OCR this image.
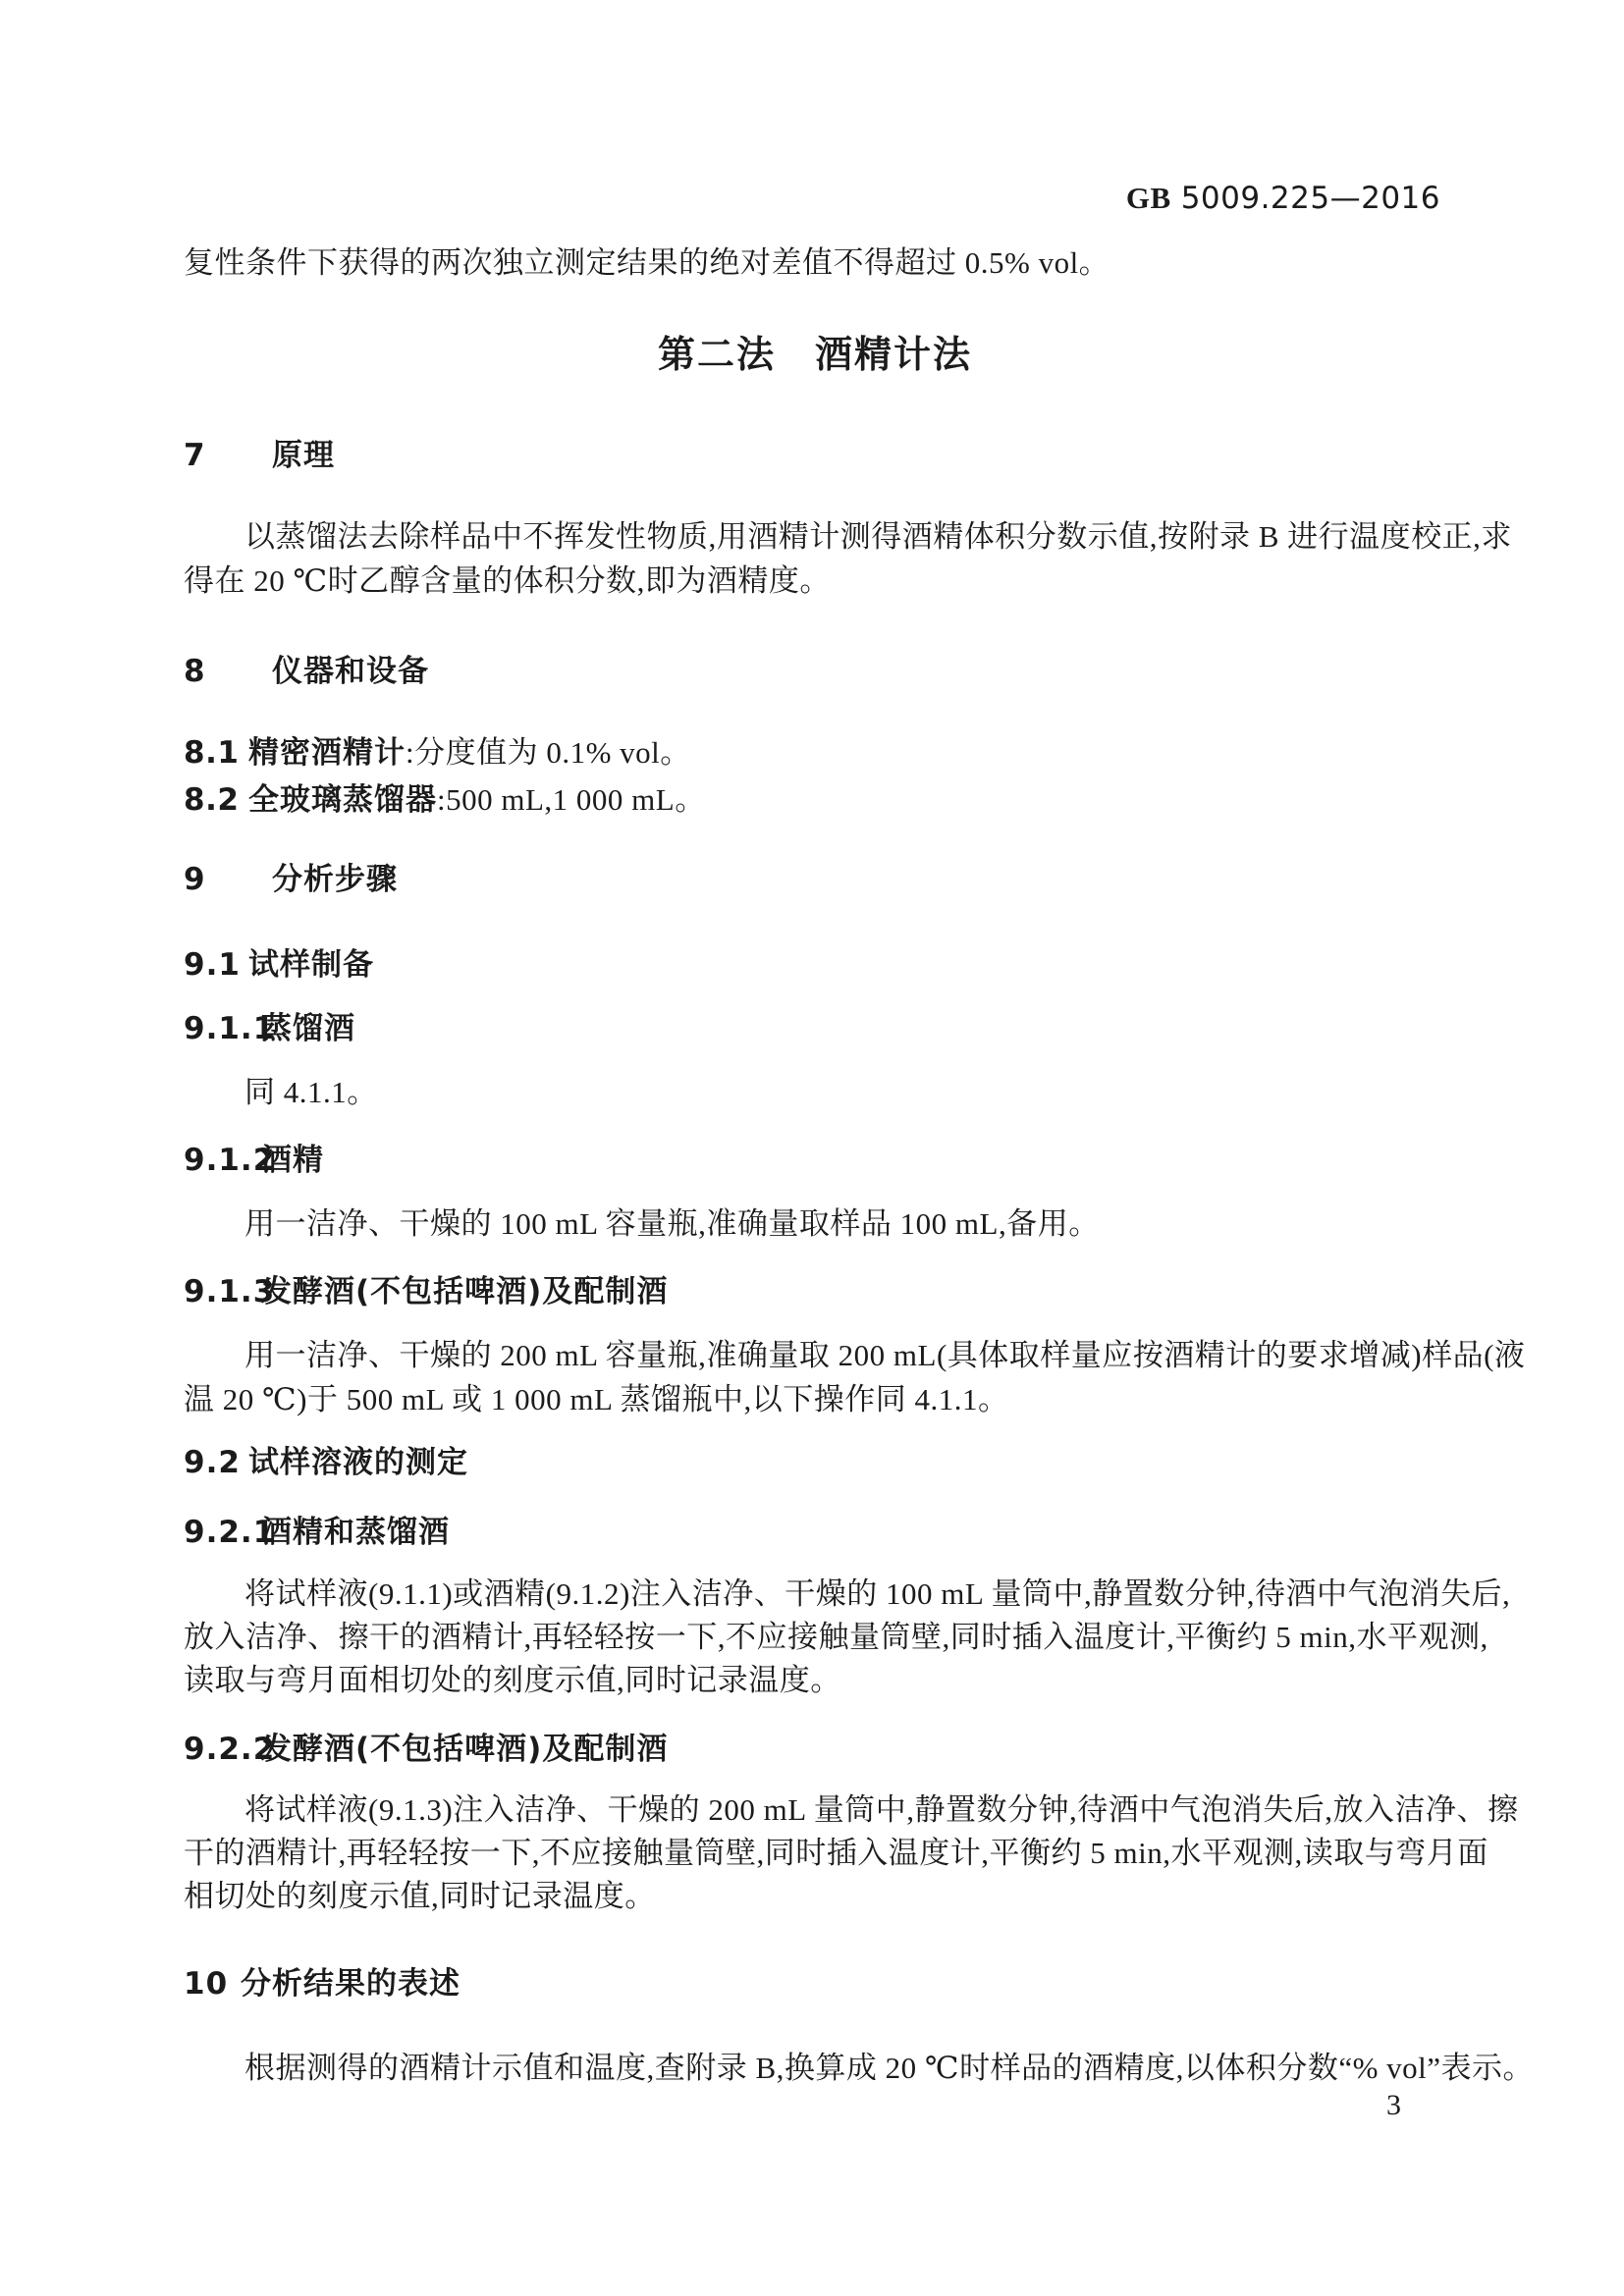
GB 5009.225—2016
复性条件下获得的两次独立测定结果的绝对差值不得超过 0.5% vol。
第二法 酒精计法
7 原理
以蒸馏法去除样品中不挥发性物质,用酒精计测得酒精体积分数示值,按附录 B 进行温度校正,求
得在 20 ℃时乙醇含量的体积分数,即为酒精度。
8 仪器和设备
8.1 精密酒精计:分度值为 0.1% vol。
8.2 全玻璃蒸馏器:500 mL,1 000 mL。
9 分析步骤
9.1 试样制备
9.1.1蒸馏酒
同 4.1.1。
9.1.2酒精
用一洁净、干燥的 100 mL 容量瓶,准确量取样品 100 mL,备用。
9.1.3发酵酒(不包括啤酒)及配制酒
用一洁净、干燥的 200 mL 容量瓶,准确量取 200 mL(具体取样量应按酒精计的要求增减)样品(液
温 20 ℃)于 500 mL 或 1 000 mL 蒸馏瓶中,以下操作同 4.1.1。
9.2 试样溶液的测定
9.2.1酒精和蒸馏酒
将试样液(9.1.1)或酒精(9.1.2)注入洁净、干燥的 100 mL 量筒中,静置数分钟,待酒中气泡消失后,
放入洁净、擦干的酒精计,再轻轻按一下,不应接触量筒壁,同时插入温度计,平衡约 5 min,水平观测,
读取与弯月面相切处的刻度示值,同时记录温度。
9.2.2发酵酒(不包括啤酒)及配制酒
将试样液(9.1.3)注入洁净、干燥的 200 mL 量筒中,静置数分钟,待酒中气泡消失后,放入洁净、擦
干的酒精计,再轻轻按一下,不应接触量筒壁,同时插入温度计,平衡约 5 min,水平观测,读取与弯月面
相切处的刻度示值,同时记录温度。
10 分析结果的表述
根据测得的酒精计示值和温度,查附录 B,换算成 20 ℃时样品的酒精度,以体积分数“% vol”表示。
3
